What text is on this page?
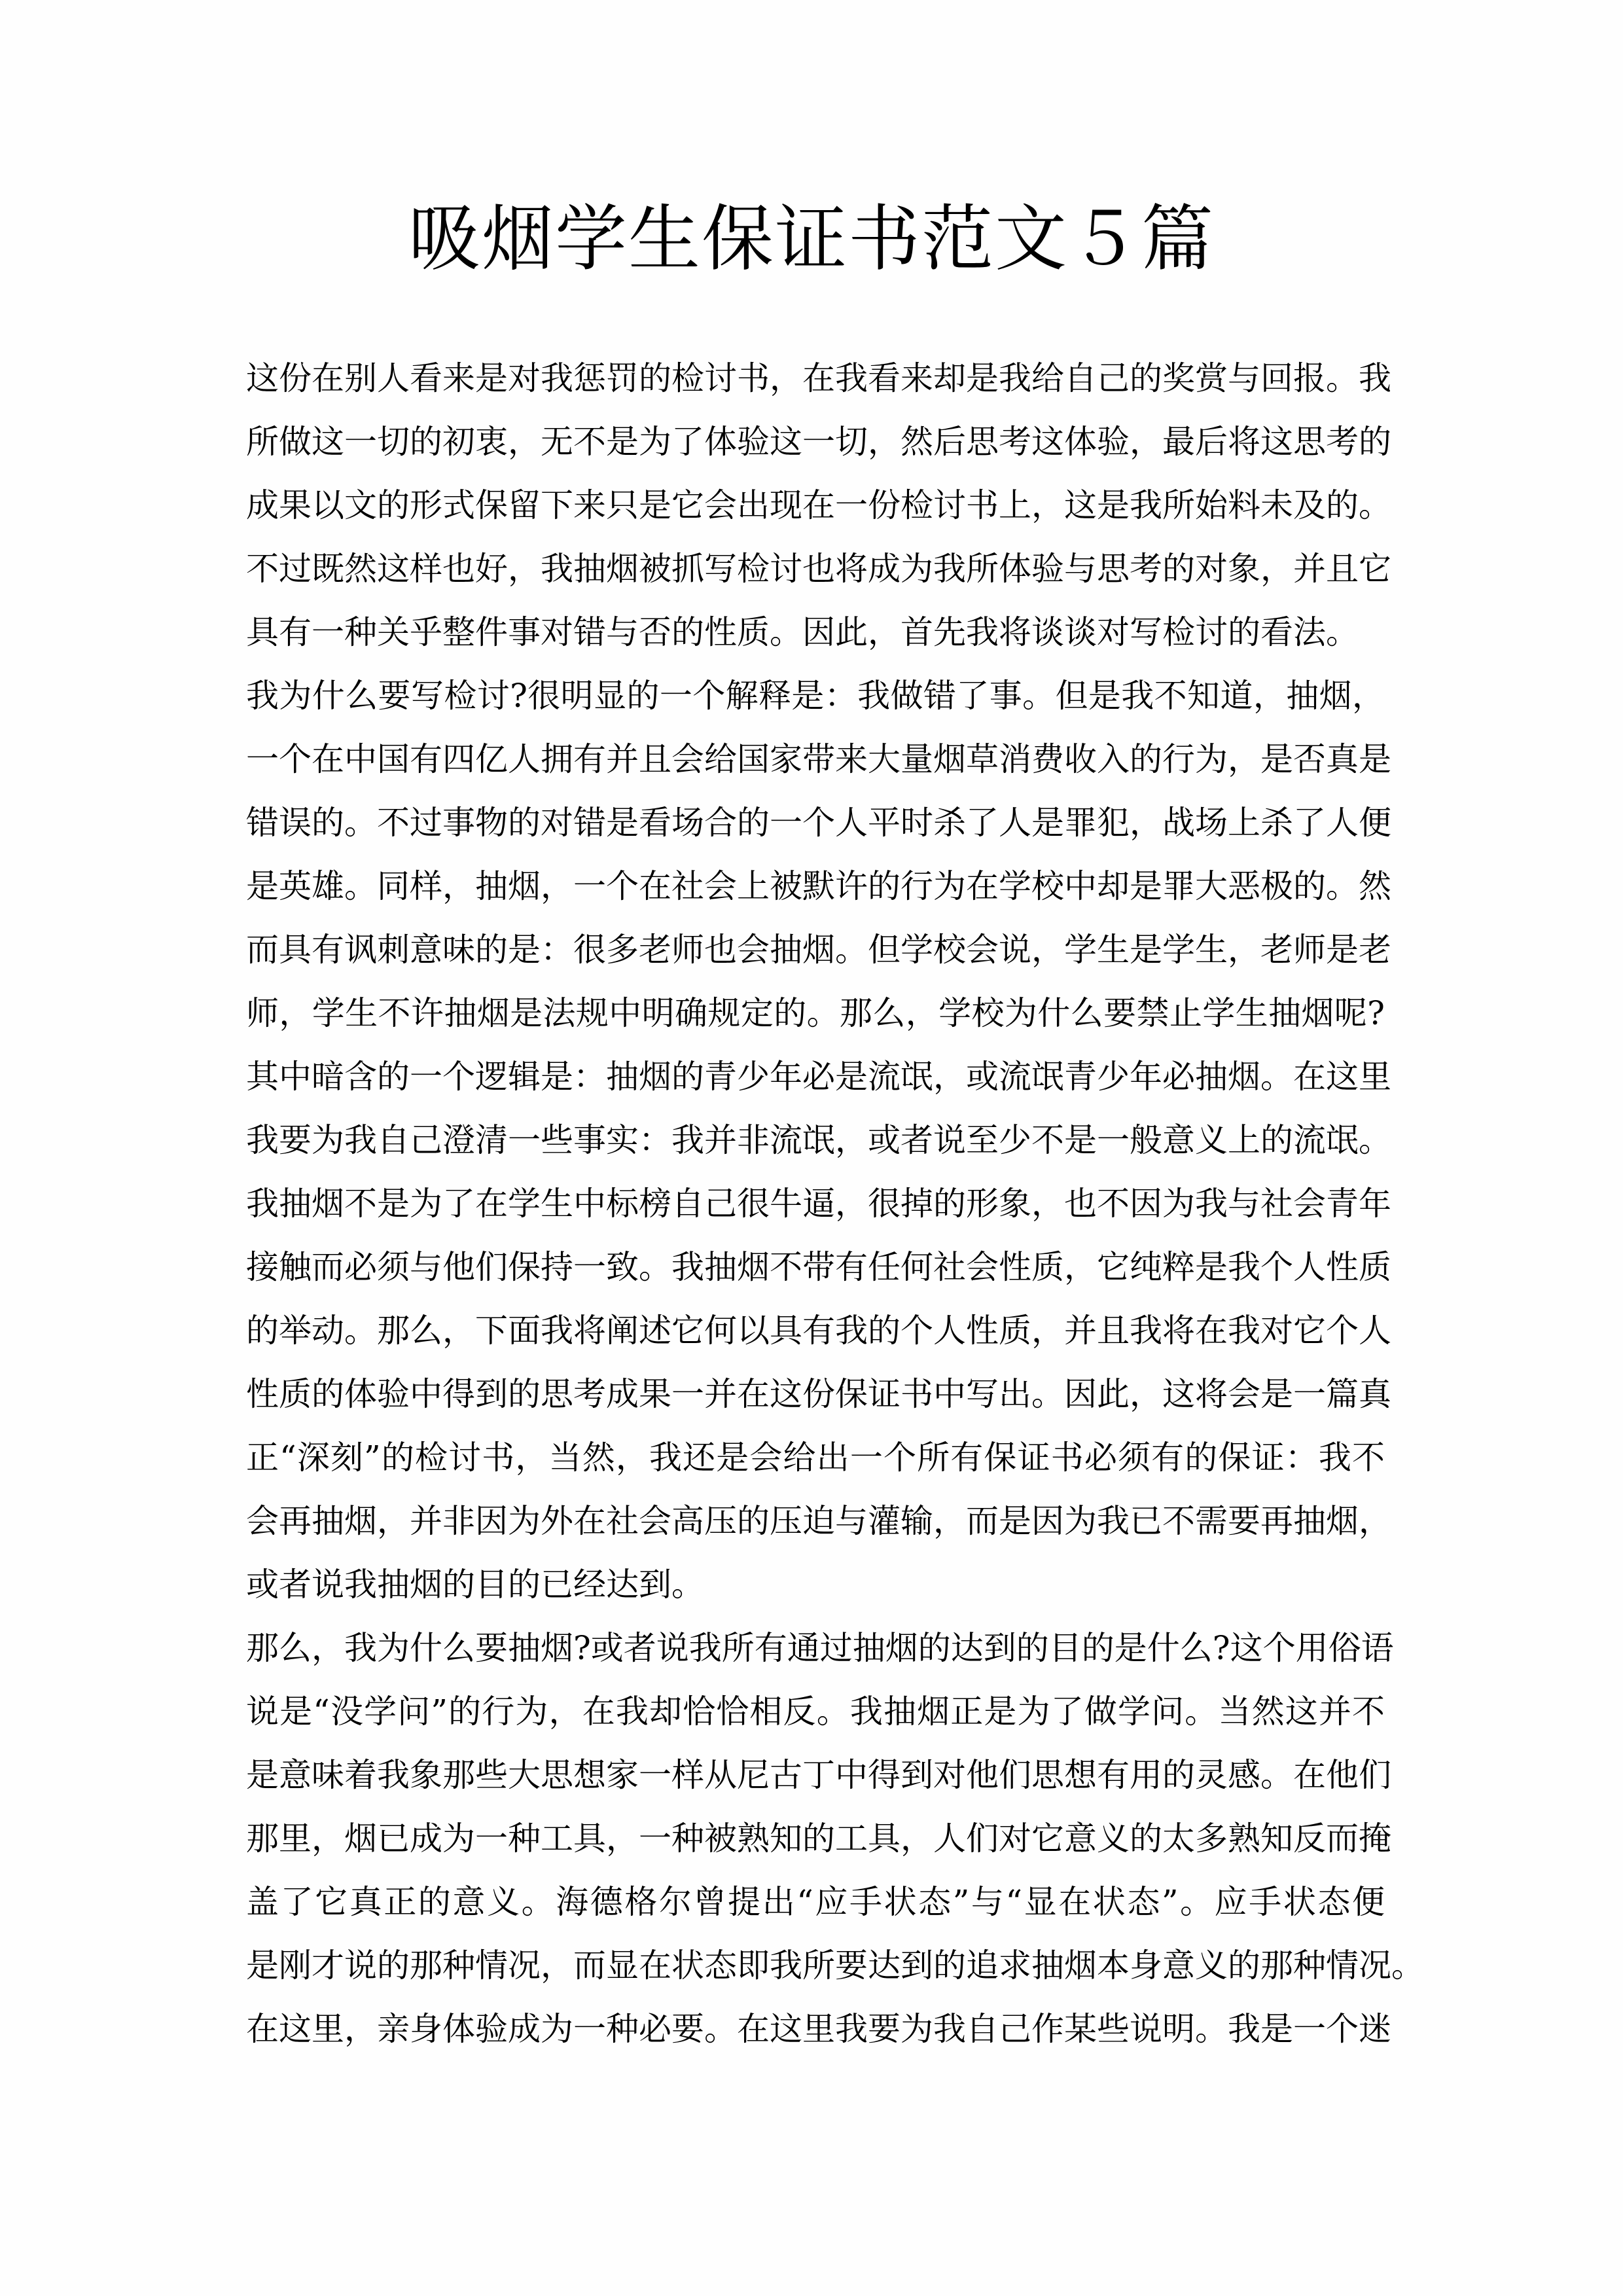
吸烟学生保证书范文５篇
这份在别人看来是对我惩罚的检讨书，在我看来却是我给自己的奖赏与回报。我
所做这一切的初衷，无不是为了体验这一切，然后思考这体验，最后将这思考的
成果以文的形式保留下来只是它会出现在一份检讨书上，这是我所始料未及的。
不过既然这样也好，我抽烟被抓写检讨也将成为我所体验与思考的对象，并且它
具有一种关乎整件事对错与否的性质。因此，首先我将谈谈对写检讨的看法。
我为什么要写检讨?很明显的一个解释是：我做错了事。但是我不知道，抽烟，
一个在中国有四亿人拥有并且会给国家带来大量烟草消费收入的行为，是否真是
错误的。不过事物的对错是看场合的一个人平时杀了人是罪犯，战场上杀了人便
是英雄。同样，抽烟，一个在社会上被默许的行为在学校中却是罪大恶极的。然
而具有讽刺意味的是：很多老师也会抽烟。但学校会说，学生是学生，老师是老
师，学生不许抽烟是法规中明确规定的。那么，学校为什么要禁止学生抽烟呢?
其中暗含的一个逻辑是：抽烟的青少年必是流氓，或流氓青少年必抽烟。在这里
我要为我自己澄清一些事实：我并非流氓，或者说至少不是一般意义上的流氓。
我抽烟不是为了在学生中标榜自己很牛逼，很掉的形象，也不因为我与社会青年
接触而必须与他们保持一致。我抽烟不带有任何社会性质，它纯粹是我个人性质
的举动。那么，下面我将阐述它何以具有我的个人性质，并且我将在我对它个人
性质的体验中得到的思考成果一并在这份保证书中写出。因此，这将会是一篇真
正“深刻”的检讨书，当然，我还是会给出一个所有保证书必须有的保证：我不
会再抽烟，并非因为外在社会高压的压迫与灌输，而是因为我已不需要再抽烟，
或者说我抽烟的目的已经达到。
那么，我为什么要抽烟?或者说我所有通过抽烟的达到的目的是什么?这个用俗语
说是“没学问”的行为，在我却恰恰相反。我抽烟正是为了做学问。当然这并不
是意味着我象那些大思想家一样从尼古丁中得到对他们思想有用的灵感。在他们
那里，烟已成为一种工具，一种被熟知的工具，人们对它意义的太多熟知反而掩
盖了它真正的意义。海德格尔曾提出“应手状态”与“显在状态”。应手状态便
是刚才说的那种情况，而显在状态即我所要达到的追求抽烟本身意义的那种情况。
在这里，亲身体验成为一种必要。在这里我要为我自己作某些说明。我是一个迷
